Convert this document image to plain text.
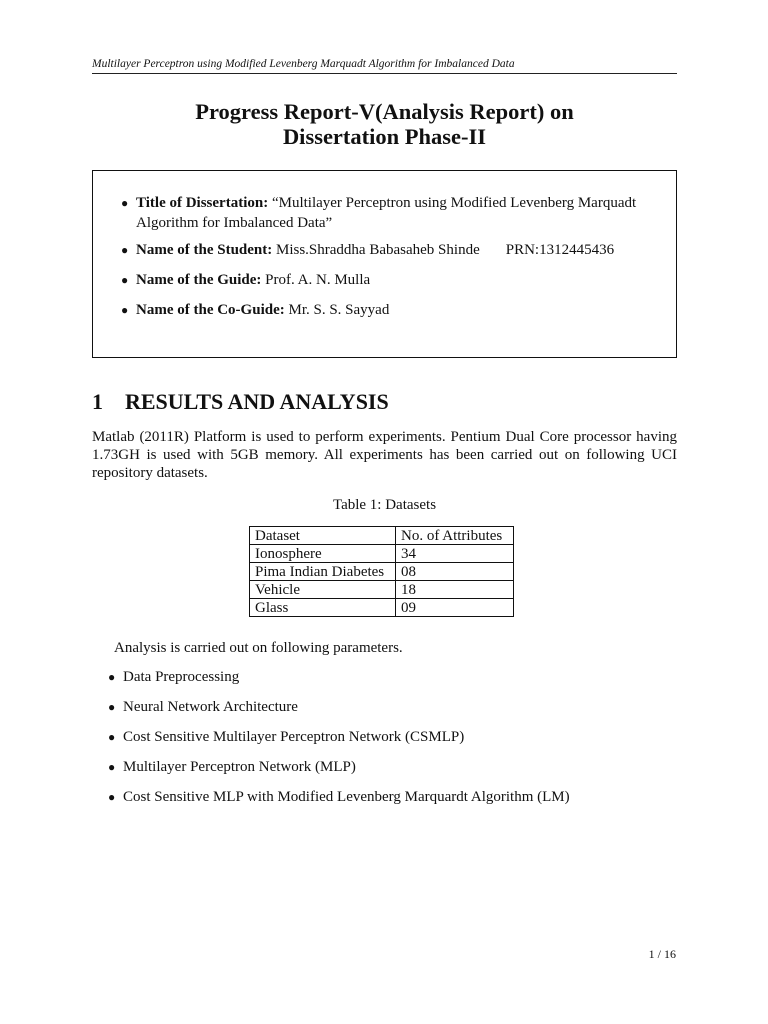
Multilayer Perceptron using Modified Levenberg Marquadt Algorithm for Imbalanced Data
Progress Report-V(Analysis Report) on
Dissertation Phase-II
● Title of Dissertation: “Multilayer Perceptron using Modified Levenberg Marquadt
Algorithm for Imbalanced Data”
● Name of the Student: Miss.Shraddha Babasaheb Shinde PRN:1312445436
● Name of the Guide: Prof. A. N. Mulla
● Name of the Co-Guide: Mr. S. S. Sayyad
1 RESULTS AND ANALYSIS
Matlab (2011R) Platform is used to perform experiments. Pentium Dual Core processor having
1.73GH is used with 5GB memory. All experiments has been carried out on following UCI
repository datasets.
Table 1: Datasets
Dataset	No. of Attributes
Ionosphere	34
Pima Indian Diabetes	08
Vehicle	18
Glass	09
Analysis is carried out on following parameters.
● Data Preprocessing
● Neural Network Architecture
● Cost Sensitive Multilayer Perceptron Network (CSMLP)
● Multilayer Perceptron Network (MLP)
● Cost Sensitive MLP with Modified Levenberg Marquardt Algorithm (LM)
1 / 16
